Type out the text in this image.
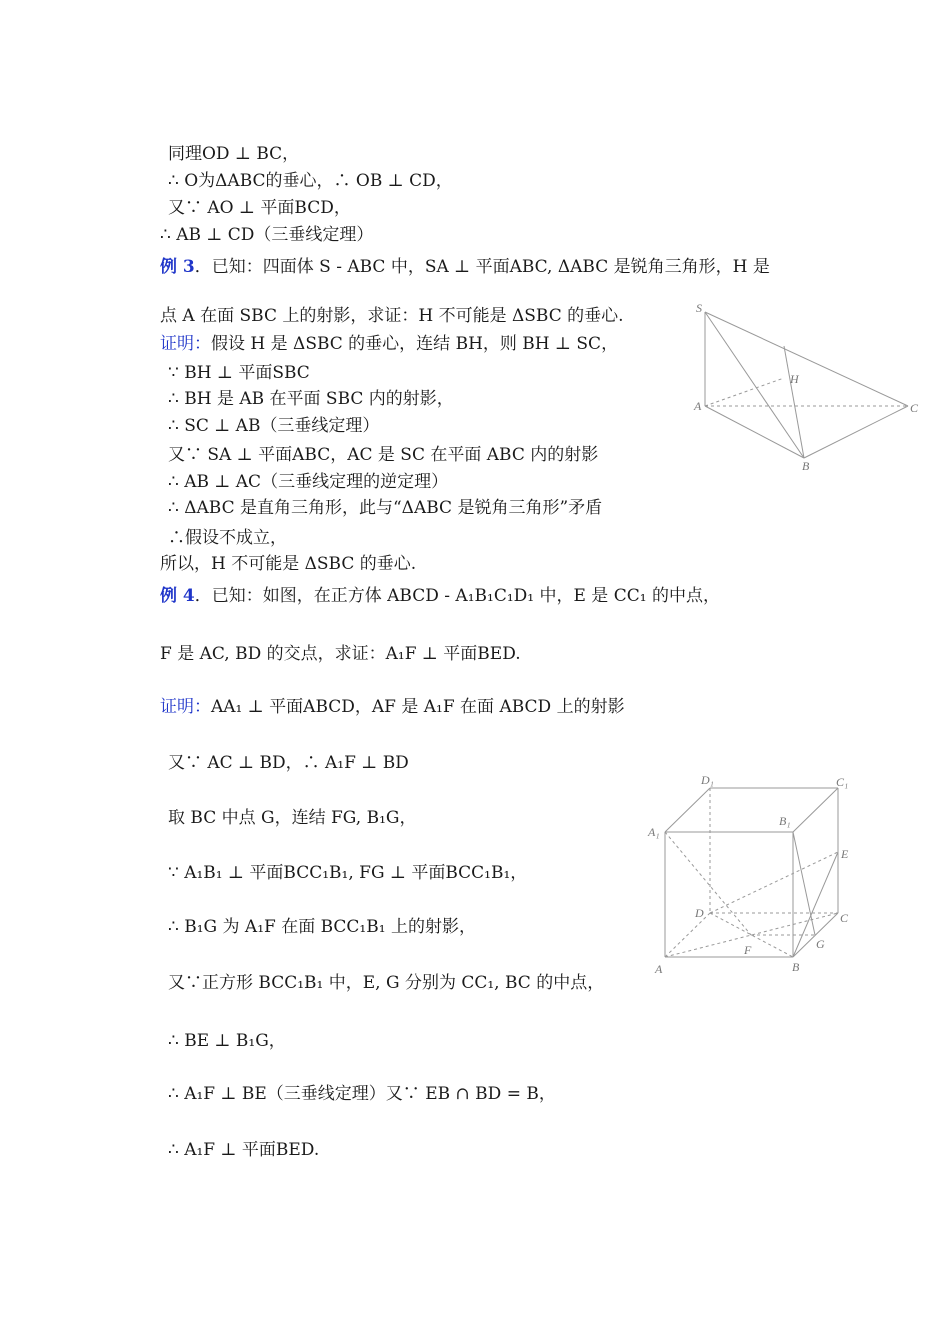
同理OD ⊥ BC，
∴ O为ΔABC的垂心，∴ OB ⊥ CD，
又∵ AO ⊥ 平面BCD，
∴ AB ⊥ CD（三垂线定理）
例 3．已知：四面体 S - ABC 中，SA ⊥ 平面ABC, ΔABC 是锐角三角形，H 是
点 A 在面 SBC 上的射影，求证：H 不可能是 ΔSBC 的垂心.
证明：假设 H 是 ΔSBC 的垂心，连结 BH，则 BH ⊥ SC，
∵ BH ⊥ 平面SBC
∴ BH 是 AB 在平面 SBC 内的射影，
∴ SC ⊥ AB（三垂线定理）
又∵ SA ⊥ 平面ABC，AC 是 SC 在平面 ABC 内的射影
∴ AB ⊥ AC（三垂线定理的逆定理）
∴ ΔABC 是直角三角形，此与“ΔABC 是锐角三角形”矛盾
∴假设不成立，
所以，H 不可能是 ΔSBC 的垂心.
例 4．已知：如图，在正方体 ABCD - A₁B₁C₁D₁ 中，E 是 CC₁ 的中点，
F 是 AC, BD 的交点，求证：A₁F ⊥ 平面BED.
证明：AA₁ ⊥ 平面ABCD，AF 是 A₁F 在面 ABCD 上的射影
又∵ AC ⊥ BD，∴ A₁F ⊥ BD
取 BC 中点 G，连结 FG, B₁G，
∵ A₁B₁ ⊥ 平面BCC₁B₁, FG ⊥ 平面BCC₁B₁，
∴ B₁G 为 A₁F 在面 BCC₁B₁ 上的射影，
又∵正方形 BCC₁B₁ 中，E, G 分别为 CC₁, BC 的中点，
∴ BE ⊥ B₁G，
∴ A₁F ⊥ BE（三垂线定理）又∵ EB ∩ BD = B，
∴ A₁F ⊥ 平面BED.
S
H
A	C
B
D₁	C₁
A₁
B₁
E
D	C
F	G
A	B
